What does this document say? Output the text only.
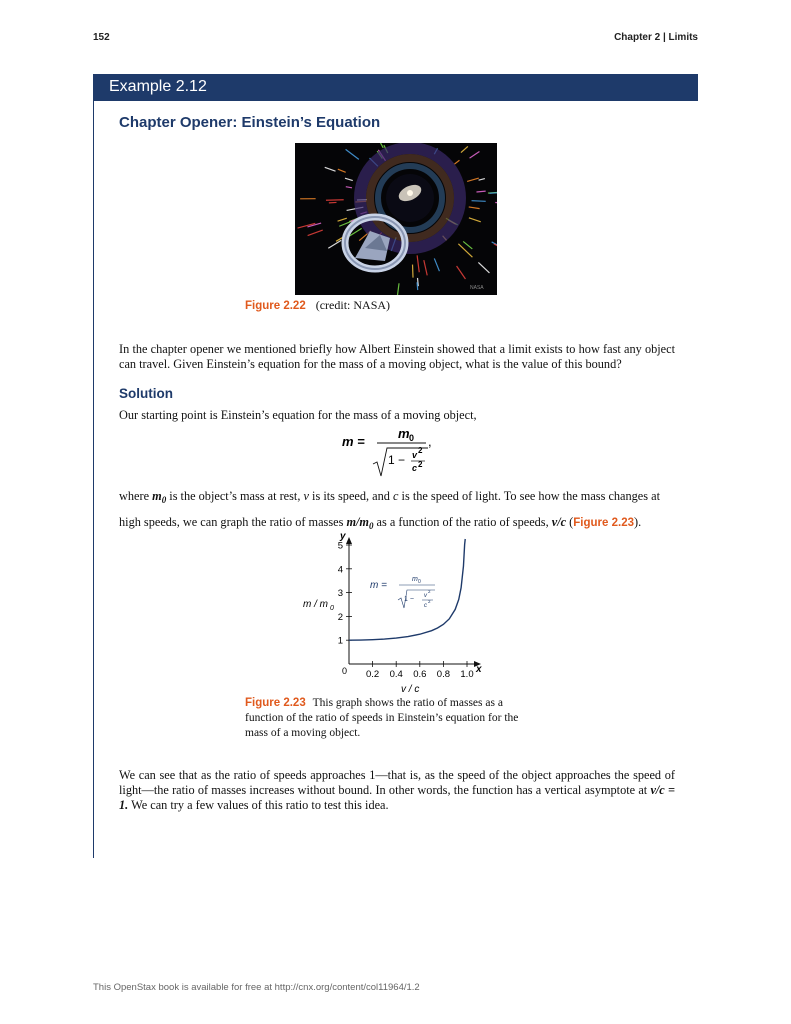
152	Chapter 2 | Limits
Example 2.12
Chapter Opener: Einstein’s Equation
NASA
Figure 2.22 (credit: NASA)

In the chapter opener we mentioned briefly how Albert Einstein showed that a limit exists to how fast any object can travel. Given Einstein’s equation for the mass of a moving object, what is the value of this bound?

Solution

Our starting point is Einstein’s equation for the mass of a moving object,

m =
m 0
1 − v 2
c 2
,

where $m_0$ is the object’s mass at rest, v is its speed, and c is the speed of light. To see how the mass changes at high speeds, we can graph the ratio of masses $m/m_0$ as a function of the ratio of speeds, v/c (Figure 2.23).

0.2 0.4 0.6 0.8 1.0
1
2
3
4
5
x
y
0
v / c
m / m 0
m =
m 0
1 − v
2
c
2
Figure 2.23 This graph shows the ratio of masses as a function of the ratio of speeds in Einstein’s equation for the mass of a moving object.

We can see that as the ratio of speeds approaches 1—that is, as the speed of the object approaches the speed of light—the ratio of masses increases without bound. In other words, the function has a vertical asymptote at v/c = 1. We can try a few values of this ratio to test this idea.

This OpenStax book is available for free at http://cnx.org/content/col11964/1.2
